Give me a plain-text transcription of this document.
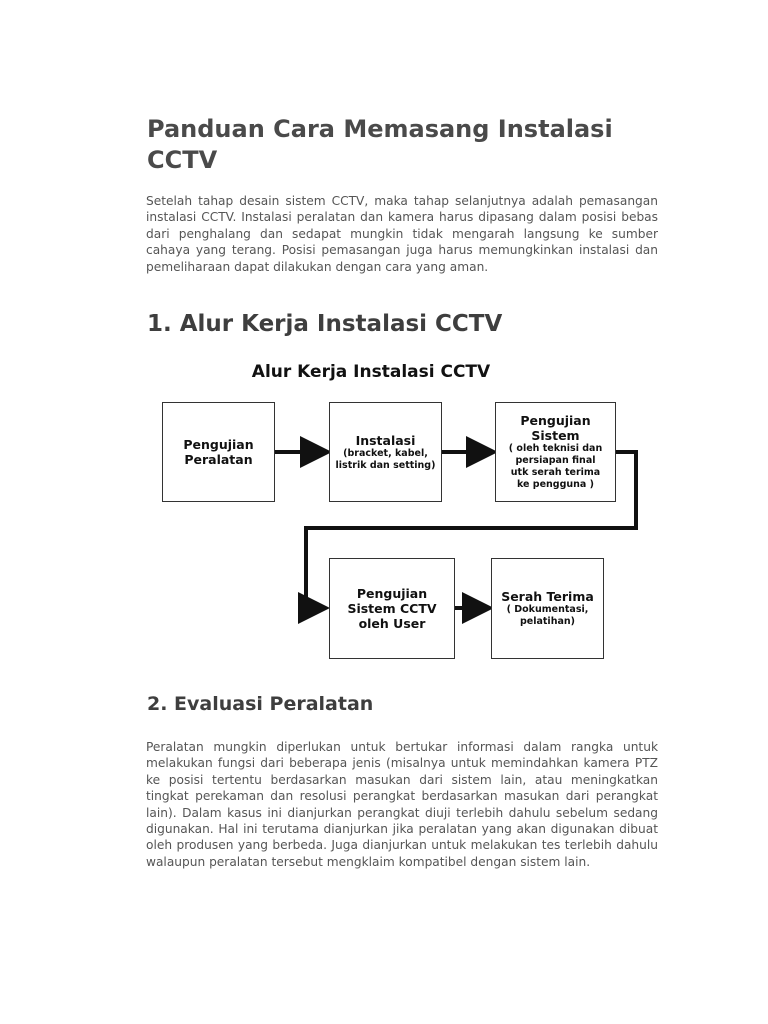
Panduan Cara Memasang Instalasi CCTV

Setelah tahap desain sistem CCTV, maka tahap selanjutnya adalah pemasangan instalasi CCTV. Instalasi peralatan dan kamera harus dipasang dalam posisi bebas dari penghalang dan sedapat mungkin tidak mengarah langsung ke sumber cahaya yang terang. Posisi pemasangan juga harus memungkinkan instalasi dan pemeliharaan dapat dilakukan dengan cara yang aman.

1. Alur Kerja Instalasi CCTV

Alur Kerja Instalasi CCTV

Pengujian
Peralatan
Instalasi
(bracket, kabel,
listrik dan setting)
Pengujian
Sistem
( oleh teknisi dan
persiapan final
utk serah terima
ke pengguna )
Pengujian
Sistem CCTV
oleh User
Serah Terima
( Dokumentasi,
pelatihan)
2. Evaluasi Peralatan

Peralatan mungkin diperlukan untuk bertukar informasi dalam rangka untuk melakukan fungsi dari beberapa jenis (misalnya untuk memindahkan kamera PTZ ke posisi tertentu berdasarkan masukan dari sistem lain, atau meningkatkan tingkat perekaman dan resolusi perangkat berdasarkan masukan dari perangkat lain). Dalam kasus ini dianjurkan perangkat diuji terlebih dahulu sebelum sedang digunakan. Hal ini terutama dianjurkan jika peralatan yang akan digunakan dibuat oleh produsen yang berbeda. Juga dianjurkan untuk melakukan tes terlebih dahulu walaupun peralatan tersebut mengklaim kompatibel dengan sistem lain.
